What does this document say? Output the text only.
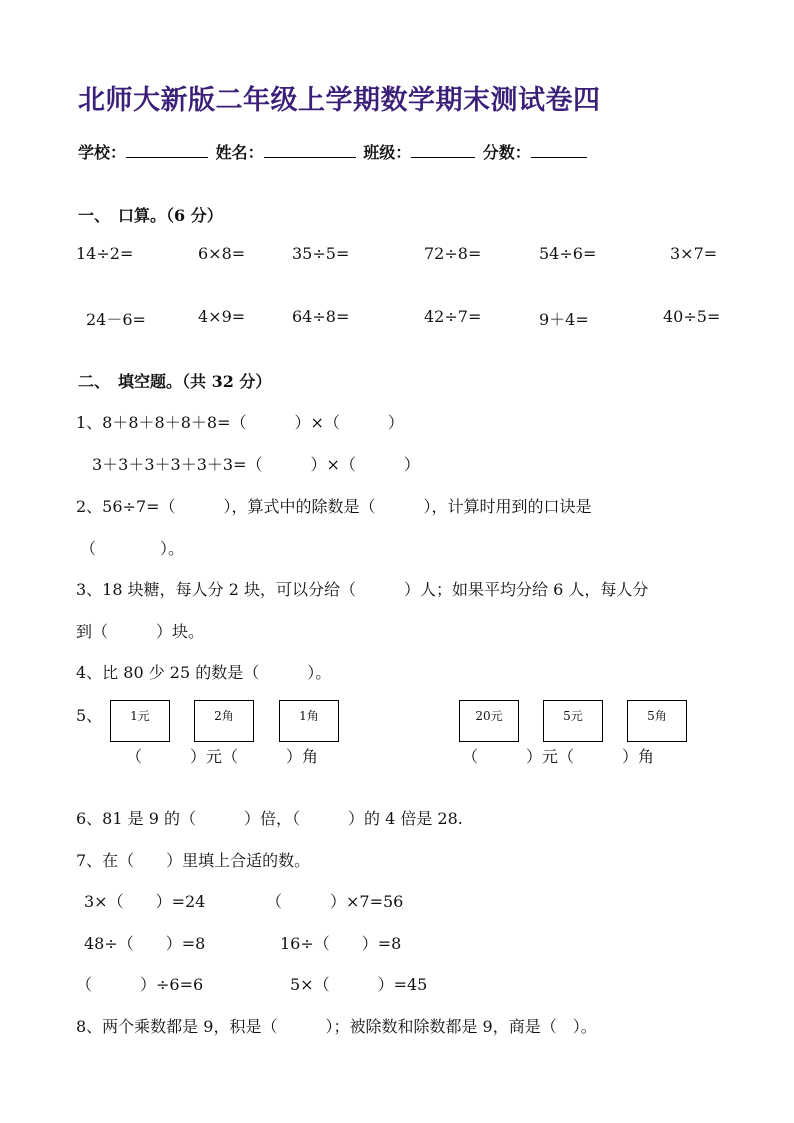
北师大新版二年级上学期数学期末测试卷四
学校：	姓名：	班级：	分数：
一、　口算。（6 分）
14÷2=	6×8=	35÷5=	72÷8=	54÷6=	3×7=
24－6=	4×9=	64÷8=	42÷7=	9＋4=	40÷5=
二、　填空题。（共 32 分）
1、8＋8＋8＋8＋8=（　　　）×（　　　）
3＋3＋3＋3＋3＋3=（　　　）×（　　　）
2、56÷7=（　　　），算式中的除数是（　　　），计算时用到的口诀是
（　　　　）。
3、18 块糖，每人分 2 块，可以分给（　　　）人；如果平均分给 6 人，每人分
到（　　　）块。
4、比 80 少 25 的数是（　　　）。
5、	1元	2角	1角	20元	5元	5角
（　　　）元（　　　）角	（　　　）元（　　　）角
6、81 是 9 的（　　　）倍，（　　　）的 4 倍是 28.
7、在（　　）里填上合适的数。
3×（　　）=24	（　　　）×7=56
48÷（　　）=8	16÷（　　）=8
（　　　）÷6=6	5×（　　　）=45
8、两个乘数都是 9，积是（　　　）；被除数和除数都是 9，商是（　）。
